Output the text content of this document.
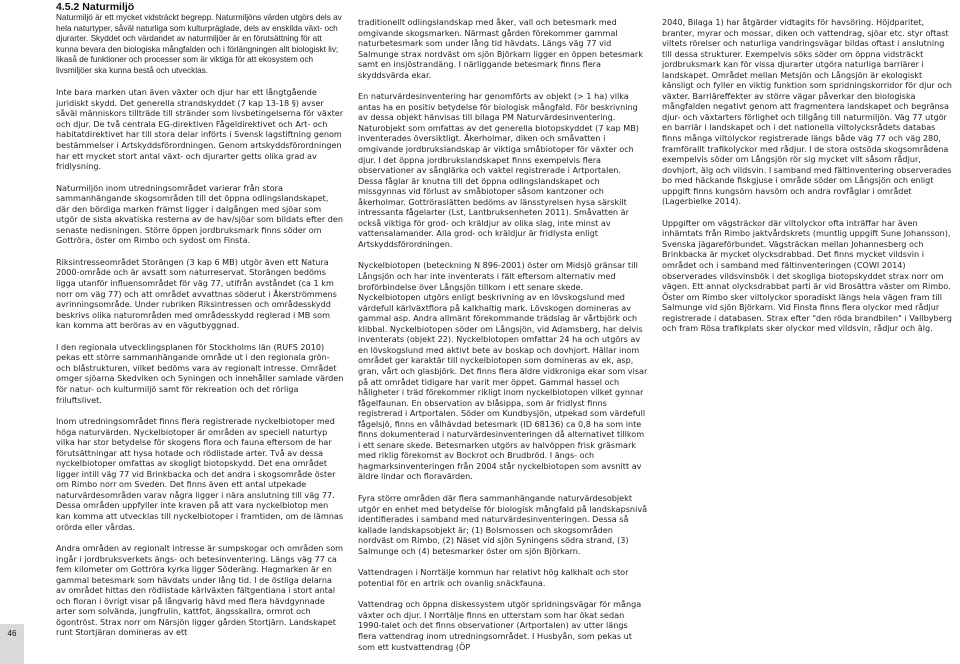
4.5.2 Naturmiljö

Naturmiljö är ett mycket vidsträckt begrepp. Naturmiljöns värden utgörs dels av hela naturtyper, såväl naturliga som kulturpräglade, dels av enskilda växt- och djurarter. Skyddet och värdandet av naturmiljöer är en förutsättning för att kunna bevara den biologiska mångfalden och i förlängningen allt biologiskt liv; likaså de funktioner och processer som är viktiga för att ekosystem och livsmiljöer ska kunna bestå och utvecklas.

Inte bara marken utan även växter och djur har ett långtgående juridiskt skydd. Det generella strandskyddet (7 kap 13-18 §) avser såväl människors tillträde till stränder som livsbetingelserna för växter och djur. De två centrala EG-direktiven Fågeldirektivet och Art- och habitatdirektivet har till stora delar införts i Svensk lagstiftning genom bestämmelser i Artskyddsförordningen. Genom artskyddsförordningen har ett mycket stort antal växt- och djurarter getts olika grad av fridlysning.

Naturmiljön inom utredningsområdet varierar från stora sammanhängande skogsområden till det öppna odlingslandskapet, där den bördiga marken främst ligger i dalgången med sjöar som utgör de sista akvatiska resterna av de hav/sjöar som bildats efter den senaste nedisningen. Större öppen jordbruksmark finns söder om Gottröra, öster om Rimbo och sydost om Finsta.

Riksintresseområdet Storängen (3 kap 6 MB) utgör även ett Natura 2000-område och är avsatt som naturreservat. Storängen bedöms ligga utanför influensområdet för väg 77, utifrån avståndet (ca 1 km norr om väg 77) och att området avvattnas söderut i Åkerströmmens avrinningsområde. Under rubriken Riksintressen och områdesskydd beskrivs olika naturområden med områdesskydd reglerad i MB som kan komma att beröras av en vägutbyggnad.

I den regionala utvecklingsplanen för Stockholms län (RUFS 2010) pekas ett större sammanhängande område ut i den regionala grön- och blåstrukturen, vilket bedöms vara av regionalt intresse. Området omger sjöarna Skedviken och Syningen och innehåller samlade värden för natur- och kulturmiljö samt för rekreation och det rörliga friluftslivet.

Inom utredningsområdet finns flera registrerade nyckelbiotoper med höga naturvärden. Nyckelbiotoper är områden av speciell naturtyp vilka har stor betydelse för skogens flora och fauna eftersom de har förutsättningar att hysa hotade och rödlistade arter. Två av dessa nyckelbiotoper omfattas av skogligt biotopskydd. Det ena området ligger intill väg 77 vid Brinkbacka och det andra i skogsområde öster om Rimbo norr om Sveden. Det finns även ett antal utpekade naturvärdesområden varav några ligger i nära anslutning till väg 77. Dessa områden uppfyller inte kraven på att vara nyckelbiotop men kan komma att utvecklas till nyckelbiotoper i framtiden, om de lämnas orörda eller vårdas.

Andra områden av regionalt intresse är sumpskogar och områden som ingår i jordbruksverkets ängs- och betesinventering. Längs väg 77 ca fem kilometer om Gottröra kyrka ligger Söderäng. Hagmarken är en gammal betesmark som hävdats under lång tid. I de östliga delarna av området hittas den rödlistade kärlväxten fältgentiana i stort antal och floran i övrigt visar på långvarig hävd med flera hävdgynnade arter som solvända, jungfrulin, kattfot, ängsskallra, ormrot och ögontröst. Strax norr om Närsjön ligger gården Stortjärn. Landskapet runt Stortjäran domineras av ett

traditionellt odlingslandskap med åker, vall och betesmark med omgivande skogsmarken. Närmast gården förekommer gammal naturbetesmark som under lång tid hävdats. Längs väg 77 vid Salmunge strax nordväst om sjön Björkarn ligger en öppen betesmark samt en insjöstrandäng. I närliggande betesmark finns flera skyddsvärda ekar.

En naturvärdesinventering har genomförts av objekt (> 1 ha) vilka antas ha en positiv betydelse för biologisk mångfald. För beskrivning av dessa objekt hänvisas till bilaga PM Naturvärdesinventering. Naturobjekt som omfattas av det generella biotopskyddet (7 kap MB) inventerades översiktligt. Åkerholmar, diken och småvatten i omgivande jordbrukslandskap är viktiga småbiotoper för växter och djur. I det öppna jordbrukslandskapet finns exempelvis flera observationer av sånglärka och vaktel registrerade i Artportalen. Dessa fåglar är knutna till det öppna odlingslandskapet och missgynnas vid förlust av småbiotoper såsom kantzoner och åkerholmar. Gottröraslätten bedöms av länsstyrelsen hysa särskilt intressanta fågelarter (Lst, Lantbruksenheten 2011). Småvatten är också viktiga för grod- och kräldjur av olika slag, inte minst av vattensalamander. Alla grod- och kräldjur är fridlysta enligt Artskyddsförordningen.

Nyckelbiotopen (beteckning N 896-2001) öster om Midsjö gränsar till Långsjön och har inte inventerats i fält eftersom alternativ med broförbindelse över Långsjön tillkom i ett senare skede. Nyckelbiotopen utgörs enligt beskrivning av en lövskogslund med värdefull kärlväxtflora på kalkhaltig mark. Lövskogen domineras av gammal asp. Andra allmänt förekommande trädslag är vårtbjörk och klibbal. Nyckelbiotopen söder om Långsjön, vid Adamsberg, har delvis inventerats (objekt 22). Nyckelbiotopen omfattar 24 ha och utgörs av en lövskogslund med aktivt bete av boskap och dovhjort. Hällar inom området ger karaktär till nyckelbiotopen som domineras av ek, asp, gran, vårt och glasbjörk. Det finns flera äldre vidkroniga ekar som visar på att området tidigare har varit mer öppet. Gammal hassel och håligheter i träd förekommer rikligt inom nyckelbiotopen vilket gynnar fågelfaunan. En observation av blåsippa, som är fridlyst finns registrerad i Artportalen. Söder om Kundbysjön, utpekad som värdefull fågelsjö, finns en vålhävdad betesmark (ID 68136) ca 0,8 ha som inte finns dokumenterad i naturvärdesinventeringen då alternativet tillkom i ett senare skede. Betesmarken utgörs av halvöppen frisk gräsmark med riklig förekomst av Bockrot och Brudbröd. I ängs- och hagmarksinventeringen från 2004 står nyckelbiotopen som avsnitt av äldre lindar och floravärden.

Fyra större områden där flera sammanhängande naturvärdesobjekt utgör en enhet med betydelse för biologisk mångfald på landskapsnivå identifierades i samband med naturvärdesinventeringen. Dessa så kallade landskapsobjekt är; (1) Bolsmossen och skogsområden nordväst om Rimbo, (2) Näset vid sjön Syningens södra strand, (3) Salmunge och (4) betesmarker öster om sjön Björkarn.

Vattendragen i Norrtälje kommun har relativt hög kalkhalt och stor potential för en artrik och ovanlig snäckfauna.

Vattendrag och öppna diskessystem utgör spridningsvägar för många växter och djur. I Norrtälje finns en utterstam som har ökat sedan 1990-talet och det finns observationer (Artportalen) av utter längs flera vattendrag inom utredningsområdet. I Husbyån, som pekas ut som ett kustvattendrag (ÖP

2040, Bilaga 1) har åtgärder vidtagits för havsöring. Höjdparitet, branter, myrar och mossar, diken och vattendrag, sjöar etc. styr oftast viltets rörelser och naturliga vandringsvägar bildas oftast i anslutning till dessa strukturer. Exempelvis söks söder om öppna vidsträckt jordbruksmark kan för vissa djurarter utgöra naturliga barriärer i landskapet. Området mellan Metsjön och Långsjön är ekologiskt känsligt och fyller en viktig funktion som spridningskorridor för djur och växter. Barriäreffekter av större vägar påverkar den biologiska mångfalden negativt genom att fragmentera landskapet och begränsa djur- och växtarters förlighet och tillgång till naturmiljön. Väg 77 utgör en barriär i landskapet och i det nationella viltolycksrådets databas finns många viltolyckor registrerade längs både väg 77 och väg 280, framförallt trafikolyckor med rådjur. I de stora ostsöda skogsområdena exempelvis söder om Långsjön rör sig mycket vilt såsom rådjur, dovhjort, älg och vildsvin. I samband med fältinventering observerades bo med häckande fiskgjuse i område söder om Långsjön och enligt uppgift finns kungsörn havsörn och andra rovfåglar i området (Lagerbielke 2014).

Uppgifter om vägsträckor där viltolyckor ofta inträffar har även inhämtats från Rimbo jaktvårdskrets (muntlig uppgift Sune Johansson), Svenska jägareförbundet. Vägsträckan mellan Johannesberg och Brinkbacka är mycket olycksdrabbad. Det finns mycket vildsvin i området och i samband med fältinventeringen (COWI 2014) observerades vildsvinsbök i det skogliga biotopskyddet strax norr om vägen. Ett annat olycksdrabbat parti är vid Brosättra väster om Rimbo. Öster om Rimbo sker viltolyckor sporadiskt längs hela vägen fram till Salmunge vid sjön Björkarn. Vid Finsta finns flera olyckor med rådjur registrerade i databasen. Strax efter "den röda brandbilen" i Vallbyberg och fram Rösa trafikplats sker olyckor med vildsvin, rådjur och älg.

46
